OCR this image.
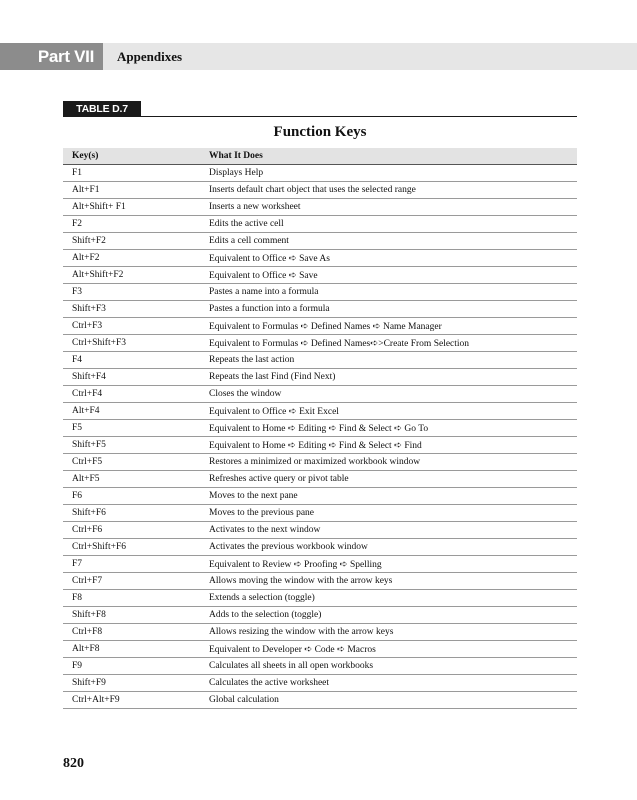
Part VII	Appendixes
TABLE D.7
Function Keys
Key(s)	What It Does
F1	Displays Help
Alt+F1	Inserts default chart object that uses the selected range
Alt+Shift+ F1	Inserts a new worksheet
F2	Edits the active cell
Shift+F2	Edits a cell comment
Alt+F2	Equivalent to Office ➪ Save As
Alt+Shift+F2	Equivalent to Office ➪ Save
F3	Pastes a name into a formula
Shift+F3	Pastes a function into a formula
Ctrl+F3	Equivalent to Formulas ➪ Defined Names ➪ Name Manager
Ctrl+Shift+F3	Equivalent to Formulas ➪ Defined Names➪>Create From Selection
F4	Repeats the last action
Shift+F4	Repeats the last Find (Find Next)
Ctrl+F4	Closes the window
Alt+F4	Equivalent to Office ➪ Exit Excel
F5	Equivalent to Home ➪ Editing ➪ Find & Select ➪ Go To
Shift+F5	Equivalent to Home ➪ Editing ➪ Find & Select ➪ Find
Ctrl+F5	Restores a minimized or maximized workbook window
Alt+F5	Refreshes active query or pivot table
F6	Moves to the next pane
Shift+F6	Moves to the previous pane
Ctrl+F6	Activates to the next window
Ctrl+Shift+F6	Activates the previous workbook window
F7	Equivalent to Review ➪ Proofing ➪ Spelling
Ctrl+F7	Allows moving the window with the arrow keys
F8	Extends a selection (toggle)
Shift+F8	Adds to the selection (toggle)
Ctrl+F8	Allows resizing the window with the arrow keys
Alt+F8	Equivalent to Developer ➪ Code ➪ Macros
F9	Calculates all sheets in all open workbooks
Shift+F9	Calculates the active worksheet
Ctrl+Alt+F9	Global calculation
820
